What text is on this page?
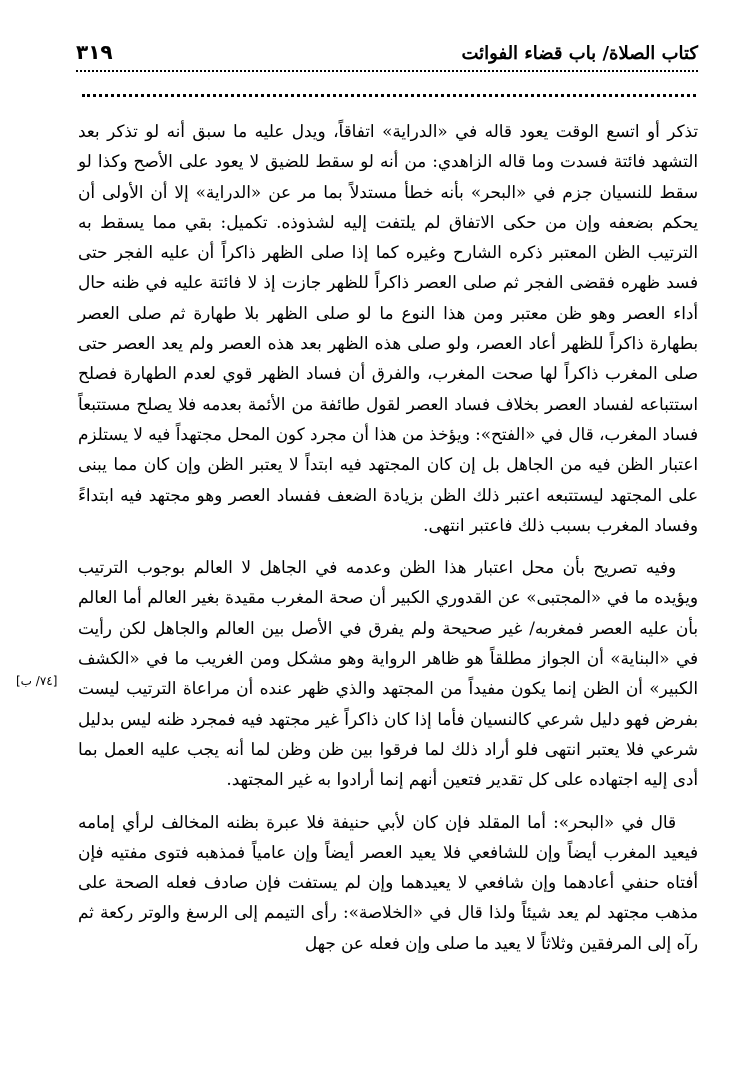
كتاب الصلاة/ باب قضاء الفوائت
٣١٩

تذكر أو اتسع الوقت يعود قاله في «الدراية» اتفاقاً، ويدل عليه ما سبق أنه لو تذكر بعد التشهد فائتة فسدت وما قاله الزاهدي: من أنه لو سقط للضيق لا يعود على الأصح وكذا لو سقط للنسيان جزم في «البحر» بأنه خطأ مستدلاً بما مر عن «الدراية» إلا أن الأولى أن يحكم بضعفه وإن من حكى الاتفاق لم يلتفت إليه لشذوذه. تكميل: بقي مما يسقط به الترتيب الظن المعتبر ذكره الشارح وغيره كما إذا صلى الظهر ذاكراً أن عليه الفجر حتى فسد ظهره فقضى الفجر ثم صلى العصر ذاكراً للظهر جازت إذ لا فائتة عليه في ظنه حال أداء العصر وهو ظن معتبر ومن هذا النوع ما لو صلى الظهر بلا طهارة ثم صلى العصر بطهارة ذاكراً للظهر أعاد العصر، ولو صلى هذه الظهر بعد هذه العصر ولم يعد العصر حتى صلى المغرب ذاكراً لها صحت المغرب، والفرق أن فساد الظهر قوي لعدم الطهارة فصلح استتباعه لفساد العصر بخلاف فساد العصر لقول طائفة من الأئمة بعدمه فلا يصلح مستتبعاً فساد المغرب، قال في «الفتح»: ويؤخذ من هذا أن مجرد كون المحل مجتهداً فيه لا يستلزم اعتبار الظن فيه من الجاهل بل إن كان المجتهد فيه ابتداً لا يعتبر الظن وإن كان مما يبنى على المجتهد ليستتبعه اعتبر ذلك الظن بزيادة الضعف ففساد العصر وهو مجتهد فيه ابتداءً وفساد المغرب بسبب ذلك فاعتبر انتهى.

وفيه تصريح بأن محل اعتبار هذا الظن وعدمه في الجاهل لا العالم بوجوب الترتيب ويؤيده ما في «المجتبى» عن القدوري الكبير أن صحة المغرب مقيدة بغير العالم أما العالم بأن عليه العصر فمغربه/ غير صحيحة ولم يفرق في الأصل بين العالم والجاهل لكن رأيت في «البناية» أن الجواز مطلقاً هو ظاهر الرواية وهو مشكل ومن الغريب ما في «الكشف الكبير» أن الظن إنما يكون مفيداً من المجتهد والذي ظهر عنده أن مراعاة الترتيب ليست بفرض فهو دليل شرعي كالنسيان فأما إذا كان ذاكراً غير مجتهد فيه فمجرد ظنه ليس بدليل شرعي فلا يعتبر انتهى فلو أراد ذلك لما فرقوا بين ظن وظن لما أنه يجب عليه العمل بما أدى إليه اجتهاده على كل تقدير فتعين أنهم إنما أرادوا به غير المجتهد.

قال في «البحر»: أما المقلد فإن كان لأبي حنيفة فلا عبرة بظنه المخالف لرأي إمامه فيعيد المغرب أيضاً وإن للشافعي فلا يعيد العصر أيضاً وإن عامياً فمذهبه فتوى مفتيه فإن أفتاه حنفي أعادهما وإن شافعي لا يعيدهما وإن لم يستفت فإن صادف فعله الصحة على مذهب مجتهد لم يعد شيئاً ولذا قال في «الخلاصة»: رأى التيمم إلى الرسغ والوتر ركعة ثم رآه إلى المرفقين وثلاثاً لا يعيد ما صلى وإن فعله عن جهل

[٧٤/ ب]
